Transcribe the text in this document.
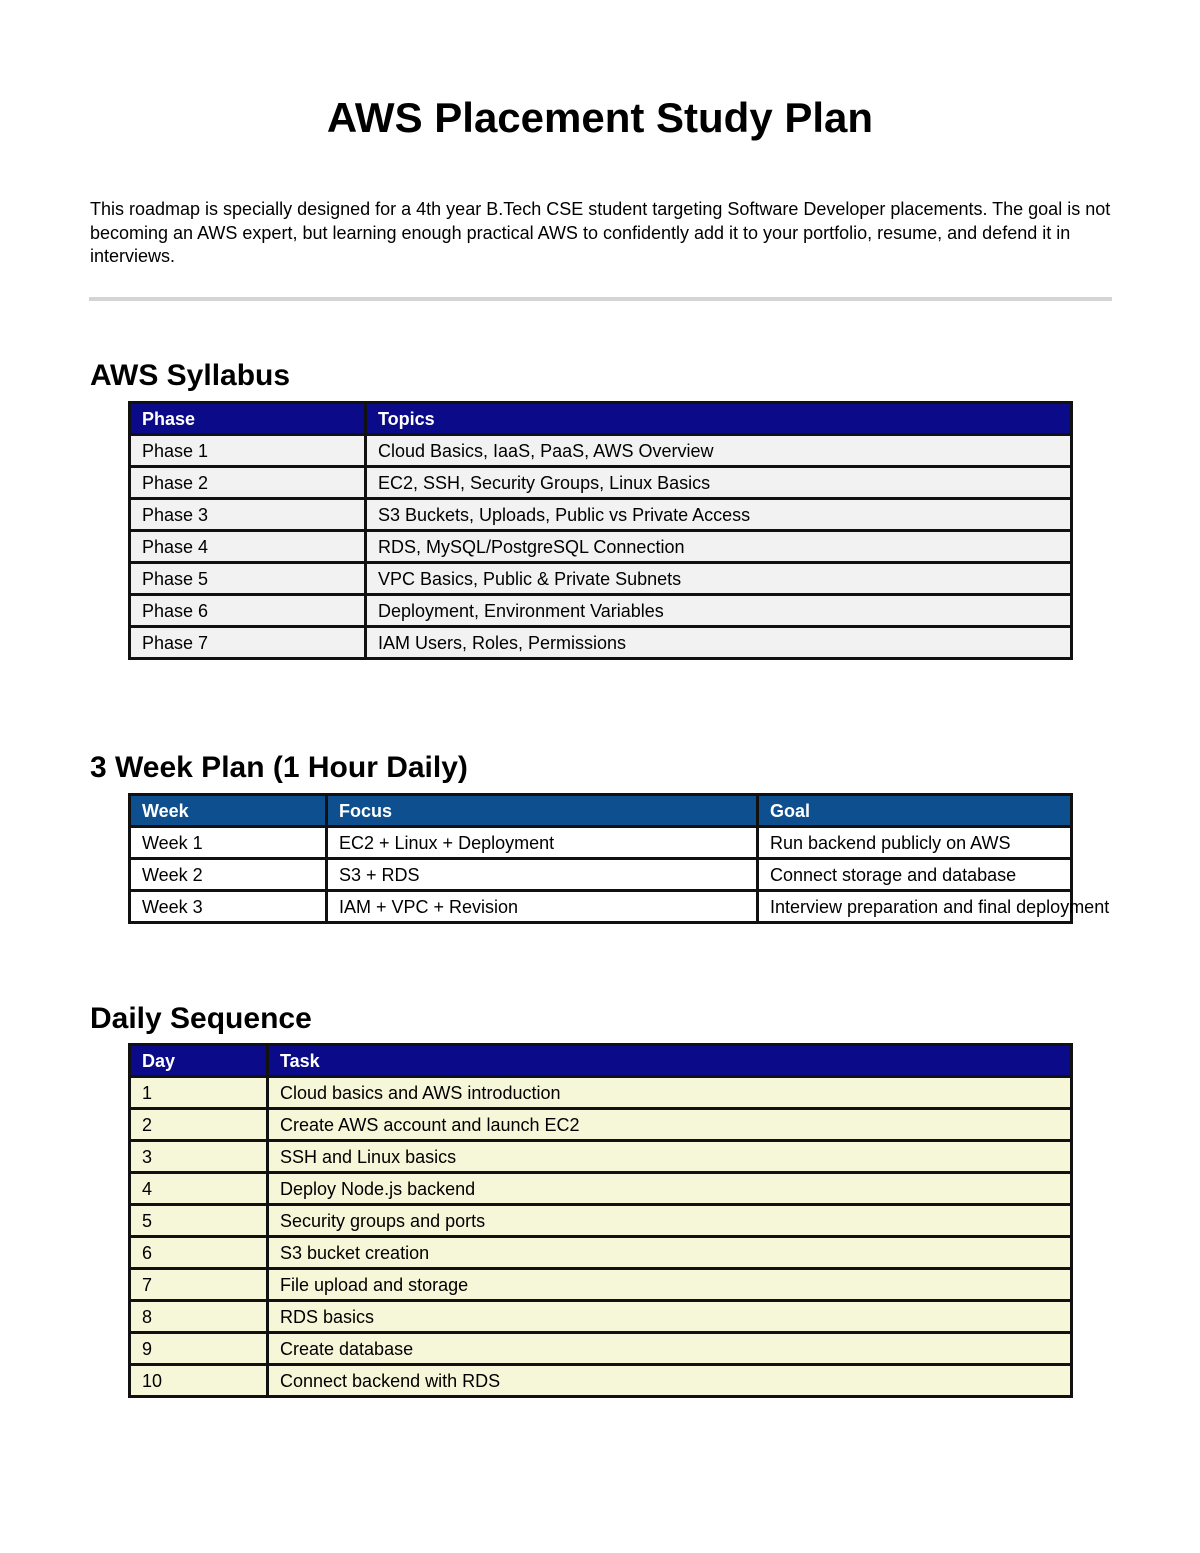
AWS Placement Study Plan

This roadmap is specially designed for a 4th year B.Tech CSE student targeting Software Developer placements. The goal is not becoming an AWS expert, but learning enough practical AWS to confidently add it to your portfolio, resume, and defend it in interviews.

AWS Syllabus
Phase	Topics
Phase 1	Cloud Basics, IaaS, PaaS, AWS Overview
Phase 2	EC2, SSH, Security Groups, Linux Basics
Phase 3	S3 Buckets, Uploads, Public vs Private Access
Phase 4	RDS, MySQL/PostgreSQL Connection
Phase 5	VPC Basics, Public & Private Subnets
Phase 6	Deployment, Environment Variables
Phase 7	IAM Users, Roles, Permissions
3 Week Plan (1 Hour Daily)
Week	Focus	Goal
Week 1	EC2 + Linux + Deployment	Run backend publicly on AWS
Week 2	S3 + RDS	Connect storage and database
Week 3	IAM + VPC + Revision	Interview preparation and final deployment
Daily Sequence
Day	Task
1	Cloud basics and AWS introduction
2	Create AWS account and launch EC2
3	SSH and Linux basics
4	Deploy Node.js backend
5	Security groups and ports
6	S3 bucket creation
7	File upload and storage
8	RDS basics
9	Create database
10	Connect backend with RDS
